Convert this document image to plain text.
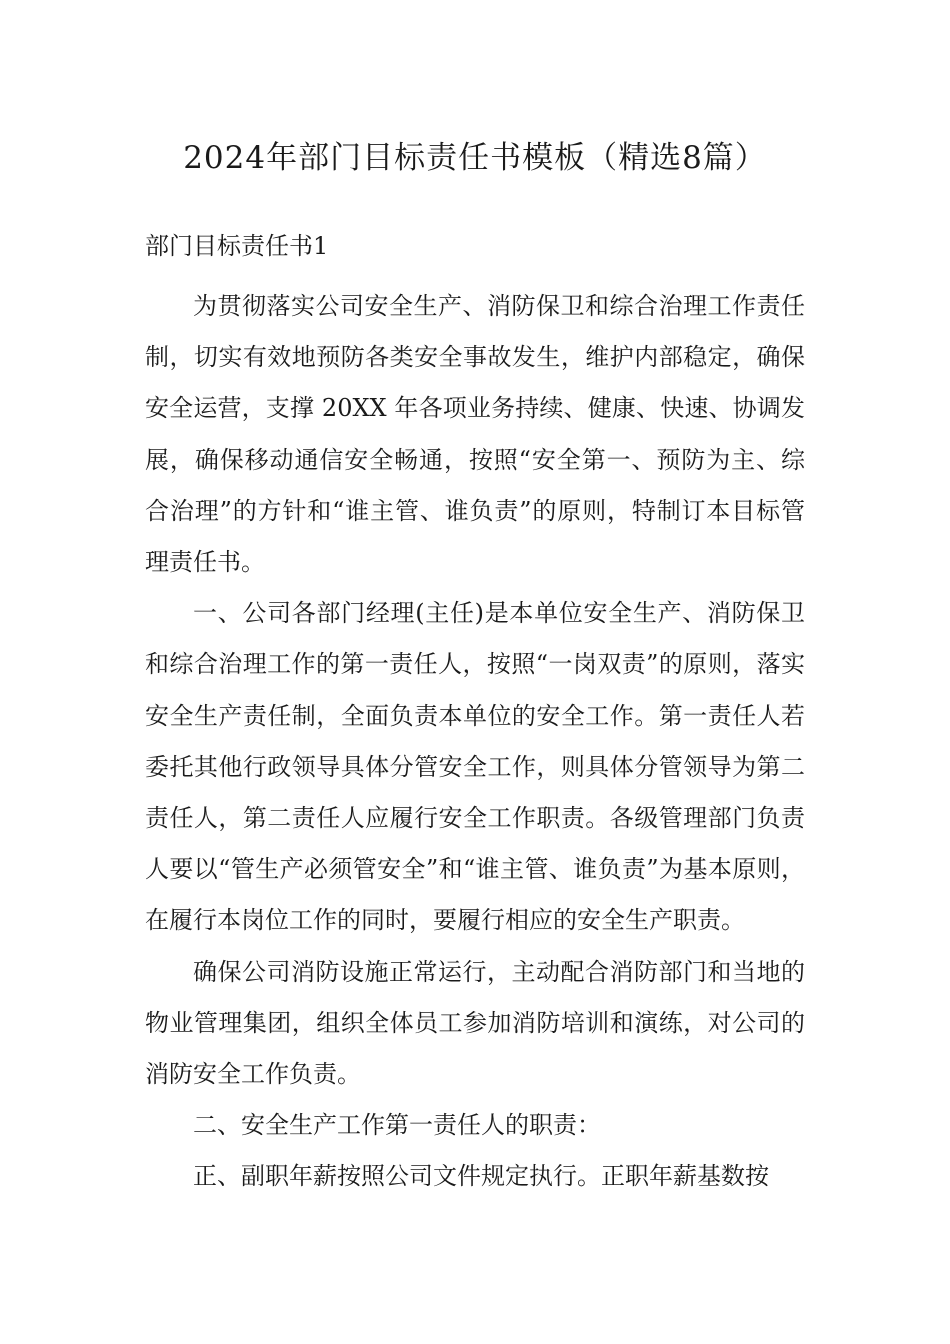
2024年部门目标责任书模板（精选8篇）
部门目标责任书1

为贯彻落实公司安全生产、消防保卫和综合治理工作责任制，切实有效地预防各类安全事故发生，维护内部稳定，确保安全运营，支撑 20XX 年各项业务持续、健康、快速、协调发展，确保移动通信安全畅通，按照“安全第一、预防为主、综合治理”的方针和“谁主管、谁负责”的原则，特制订本目标管理责任书。

一、公司各部门经理(主任)是本单位安全生产、消防保卫和综合治理工作的第一责任人，按照“一岗双责”的原则，落实安全生产责任制，全面负责本单位的安全工作。第一责任人若委托其他行政领导具体分管安全工作，则具体分管领导为第二责任人，第二责任人应履行安全工作职责。各级管理部门负责人要以“管生产必须管安全”和“谁主管、谁负责”为基本原则，在履行本岗位工作的同时，要履行相应的安全生产职责。

确保公司消防设施正常运行，主动配合消防部门和当地的物业管理集团，组织全体员工参加消防培训和演练，对公司的消防安全工作负责。

二、安全生产工作第一责任人的职责：

正、副职年薪按照公司文件规定执行。正职年薪基数按
